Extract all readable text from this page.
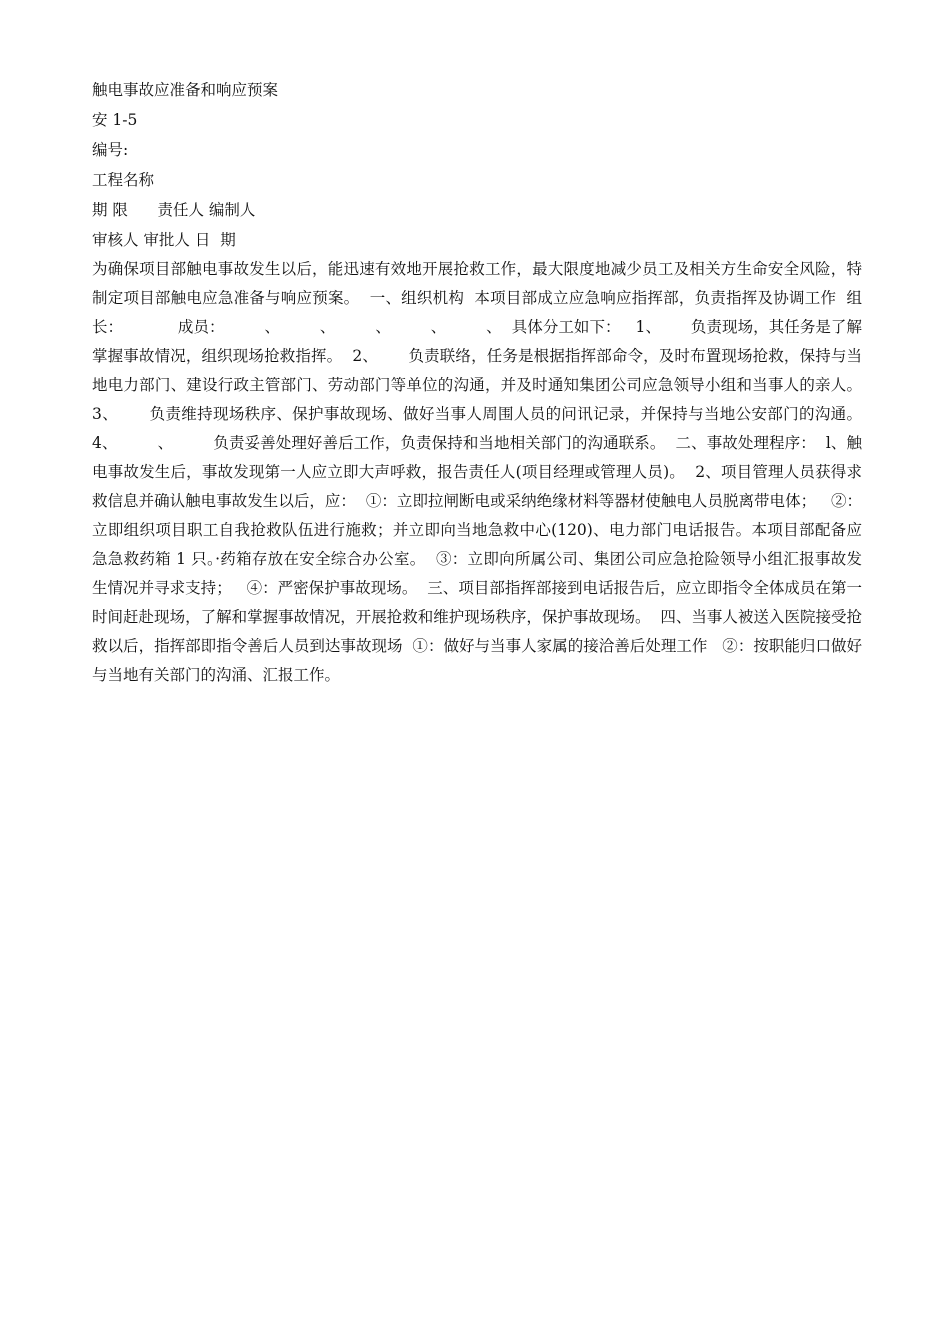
触电事故应准备和响应预案
安 1-5
编号:
工程名称
期 限      责任人 编制人
审核人 审批人 日  期
为确保项目部触电事故发生以后，能迅速有效地开展抢救工作，最大限度地减少员工及相关方生命安全风险，特制定项目部触电应急准备与响应预案。  一、组织机构  本项目部成立应急响应指挥部，负责指挥及协调工作  组长：           成员：        、        、        、        、        、  具体分工如下：   1、      负责现场，其任务是了解掌握事故情况，组织现场抢救指挥。  2、      负责联络，任务是根据指挥部命令，及时布置现场抢救，保持与当地电力部门、建设行政主管部门、劳动部门等单位的沟通，并及时通知集团公司应急领导小组和当事人的亲人。  3、      负责维持现场秩序、保护事故现场、做好当事人周围人员的问讯记录，并保持与当地公安部门的沟通。  4、        、        负责妥善处理好善后工作，负责保持和当地相关部门的沟通联系。  二、事故处理程序：  l、触电事故发生后，事故发现第一人应立即大声呼救，报告责任人(项目经理或管理人员)。  2、项目管理人员获得求救信息并确认触电事故发生以后，应：  ①：立即拉闸断电或采纳绝缘材料等器材使触电人员脱离带电体；   ②：立即组织项目职工自我抢救队伍进行施救；并立即向当地急救中心(120)、电力部门电话报告。本项目部配备应急急救药箱 1 只。·药箱存放在安全综合办公室。  ③：立即向所属公司、集团公司应急抢险领导小组汇报事故发生情况并寻求支持；   ④：严密保护事故现场。  三、项目部指挥部接到电话报告后，应立即指令全体成员在第一时间赶赴现场，了解和掌握事故情况，开展抢救和维护现场秩序，保护事故现场。  四、当事人被送入医院接受抢救以后，指挥部即指令善后人员到达事故现场  ①：做好与当事人家属的接洽善后处理工作   ②：按职能归口做好与当地有关部门的沟涌、汇报工作。
